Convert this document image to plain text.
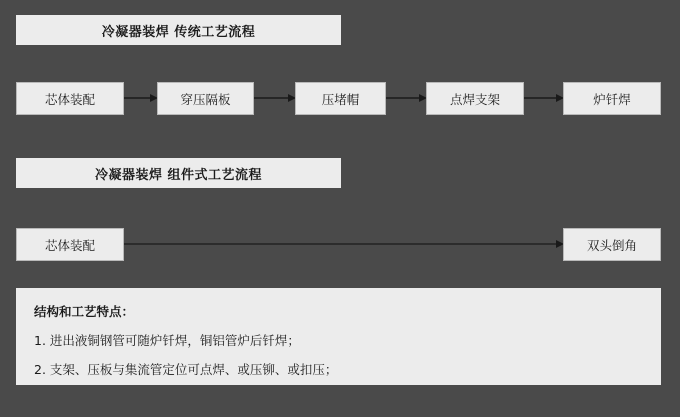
冷凝器装焊 传统工艺流程
芯体装配	穿压隔板	压堵帽	点焊支架	炉钎焊
冷凝器装焊 组件式工艺流程
芯体装配	双头倒角
结构和工艺特点：
1. 进出液铜钢管可随炉钎焊，铜铝管炉后钎焊；
2. 支架、压板与集流管定位可点焊、或压铆、或扣压；
